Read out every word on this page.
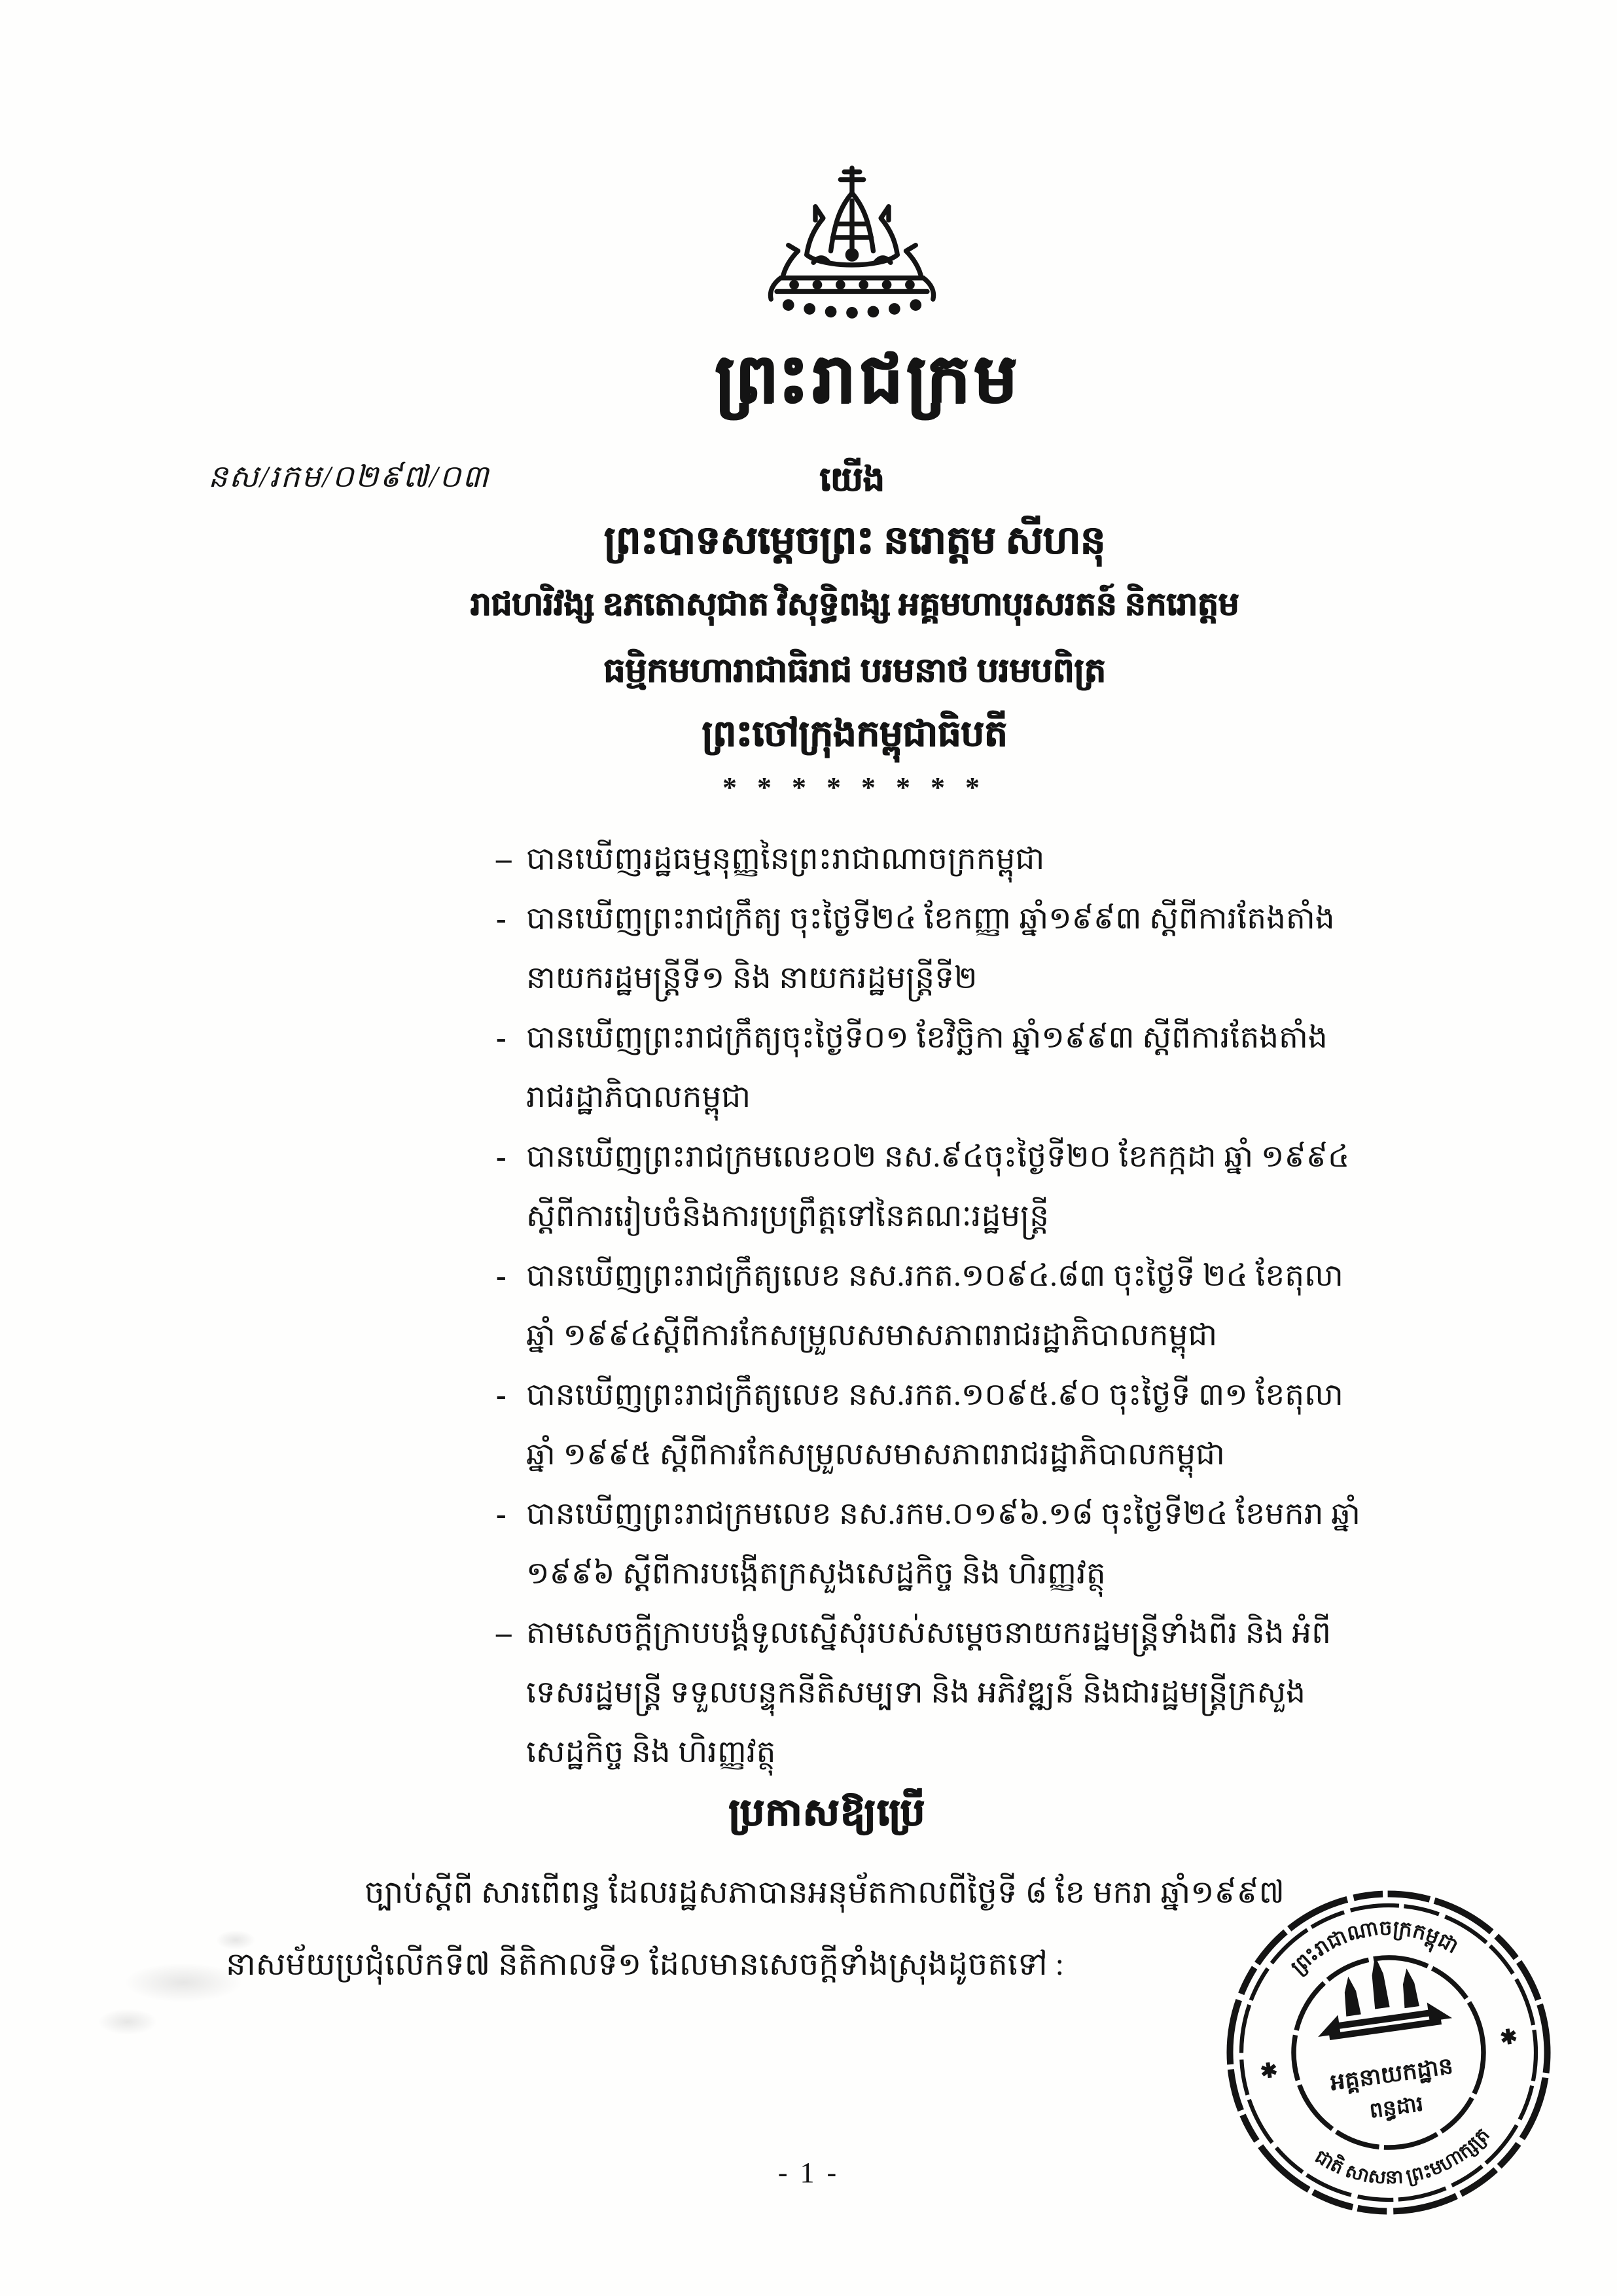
ព្រះរាជក្រម
នស/រកម/០២៩៧/០៣	យើង
ព្រះបាទសម្តេចព្រះ នរោត្តម សីហនុ
រាជហរិវង្ស ឧភតោសុជាត វិសុទ្ធិពង្ស អគ្គមហាបុរសរតន៍ និករោត្តម
ធម្មិកមហារាជាធិរាជ បរមនាថ បរមបពិត្រ
ព្រះចៅក្រុងកម្ពុជាធិបតី
* * * * * * * *
– បានឃើញរដ្ឋធម្មនុញ្ញនៃព្រះរាជាណាចក្រកម្ពុជា
- បានឃើញព្រះរាជក្រឹត្យ ចុះថ្ងៃទី២៤ ខែកញ្ញា ឆ្នាំ១៩៩៣ ស្តីពីការតែងតាំង
នាយករដ្ឋមន្ត្រីទី១ និង នាយករដ្ឋមន្ត្រីទី២
- បានឃើញព្រះរាជក្រឹត្យចុះថ្ងៃទី០១ ខែវិច្ឆិកា ឆ្នាំ១៩៩៣ ស្តីពីការតែងតាំង
រាជរដ្ឋាភិបាលកម្ពុជា
- បានឃើញព្រះរាជក្រមលេខ០២ នស.៩៤ចុះថ្ងៃទី២០ ខែកក្កដា ឆ្នាំ ១៩៩៤
ស្តីពីការរៀបចំនិងការប្រព្រឹត្តទៅនៃគណៈរដ្ឋមន្ត្រី
- បានឃើញព្រះរាជក្រឹត្យលេខ នស.រកត.១០៩៤.៨៣ ចុះថ្ងៃទី ២៤ ខែតុលា
ឆ្នាំ ១៩៩៤ស្តីពីការកែសម្រួលសមាសភាពរាជរដ្ឋាភិបាលកម្ពុជា
- បានឃើញព្រះរាជក្រឹត្យលេខ នស.រកត.១០៩៥.៩០ ចុះថ្ងៃទី ៣១ ខែតុលា
ឆ្នាំ ១៩៩៥ ស្តីពីការកែសម្រួលសមាសភាពរាជរដ្ឋាភិបាលកម្ពុជា
- បានឃើញព្រះរាជក្រមលេខ នស.រកម.០១៩៦.១៨ ចុះថ្ងៃទី២៤ ខែមករា ឆ្នាំ
១៩៩៦ ស្តីពីការបង្កើតក្រសួងសេដ្ឋកិច្ច និង ហិរញ្ញវត្ថុ
– តាមសេចក្តីក្រាបបង្គំទូលស្នើសុំរបស់សម្តេចនាយករដ្ឋមន្ត្រីទាំងពីរ និង អំពី
ទេសរដ្ឋមន្ត្រី ទទួលបន្ទុកនីតិសម្បទា និង អភិវឌ្ឍន៍ និងជារដ្ឋមន្ត្រីក្រសួង
សេដ្ឋកិច្ច និង ហិរញ្ញវត្ថុ
ប្រកាសឱ្យប្រើ
ច្បាប់ស្តីពី សារពើពន្ធ ដែលរដ្ឋសភាបានអនុម័តកាលពីថ្ងៃទី ៨ ខែ មករា ឆ្នាំ១៩៩៧
នាសម័យប្រជុំលើកទី៧ នីតិកាលទី១ ដែលមានសេចក្តីទាំងស្រុងដូចតទៅ :	ព្រះរាជាណាចក្រកម្ពុជា
ជាតិ សាសនា ព្រះមហាក្សត្រ
✱
✱
អគ្គនាយកដ្ឋាន
ពន្ធដារ
- 1 -
